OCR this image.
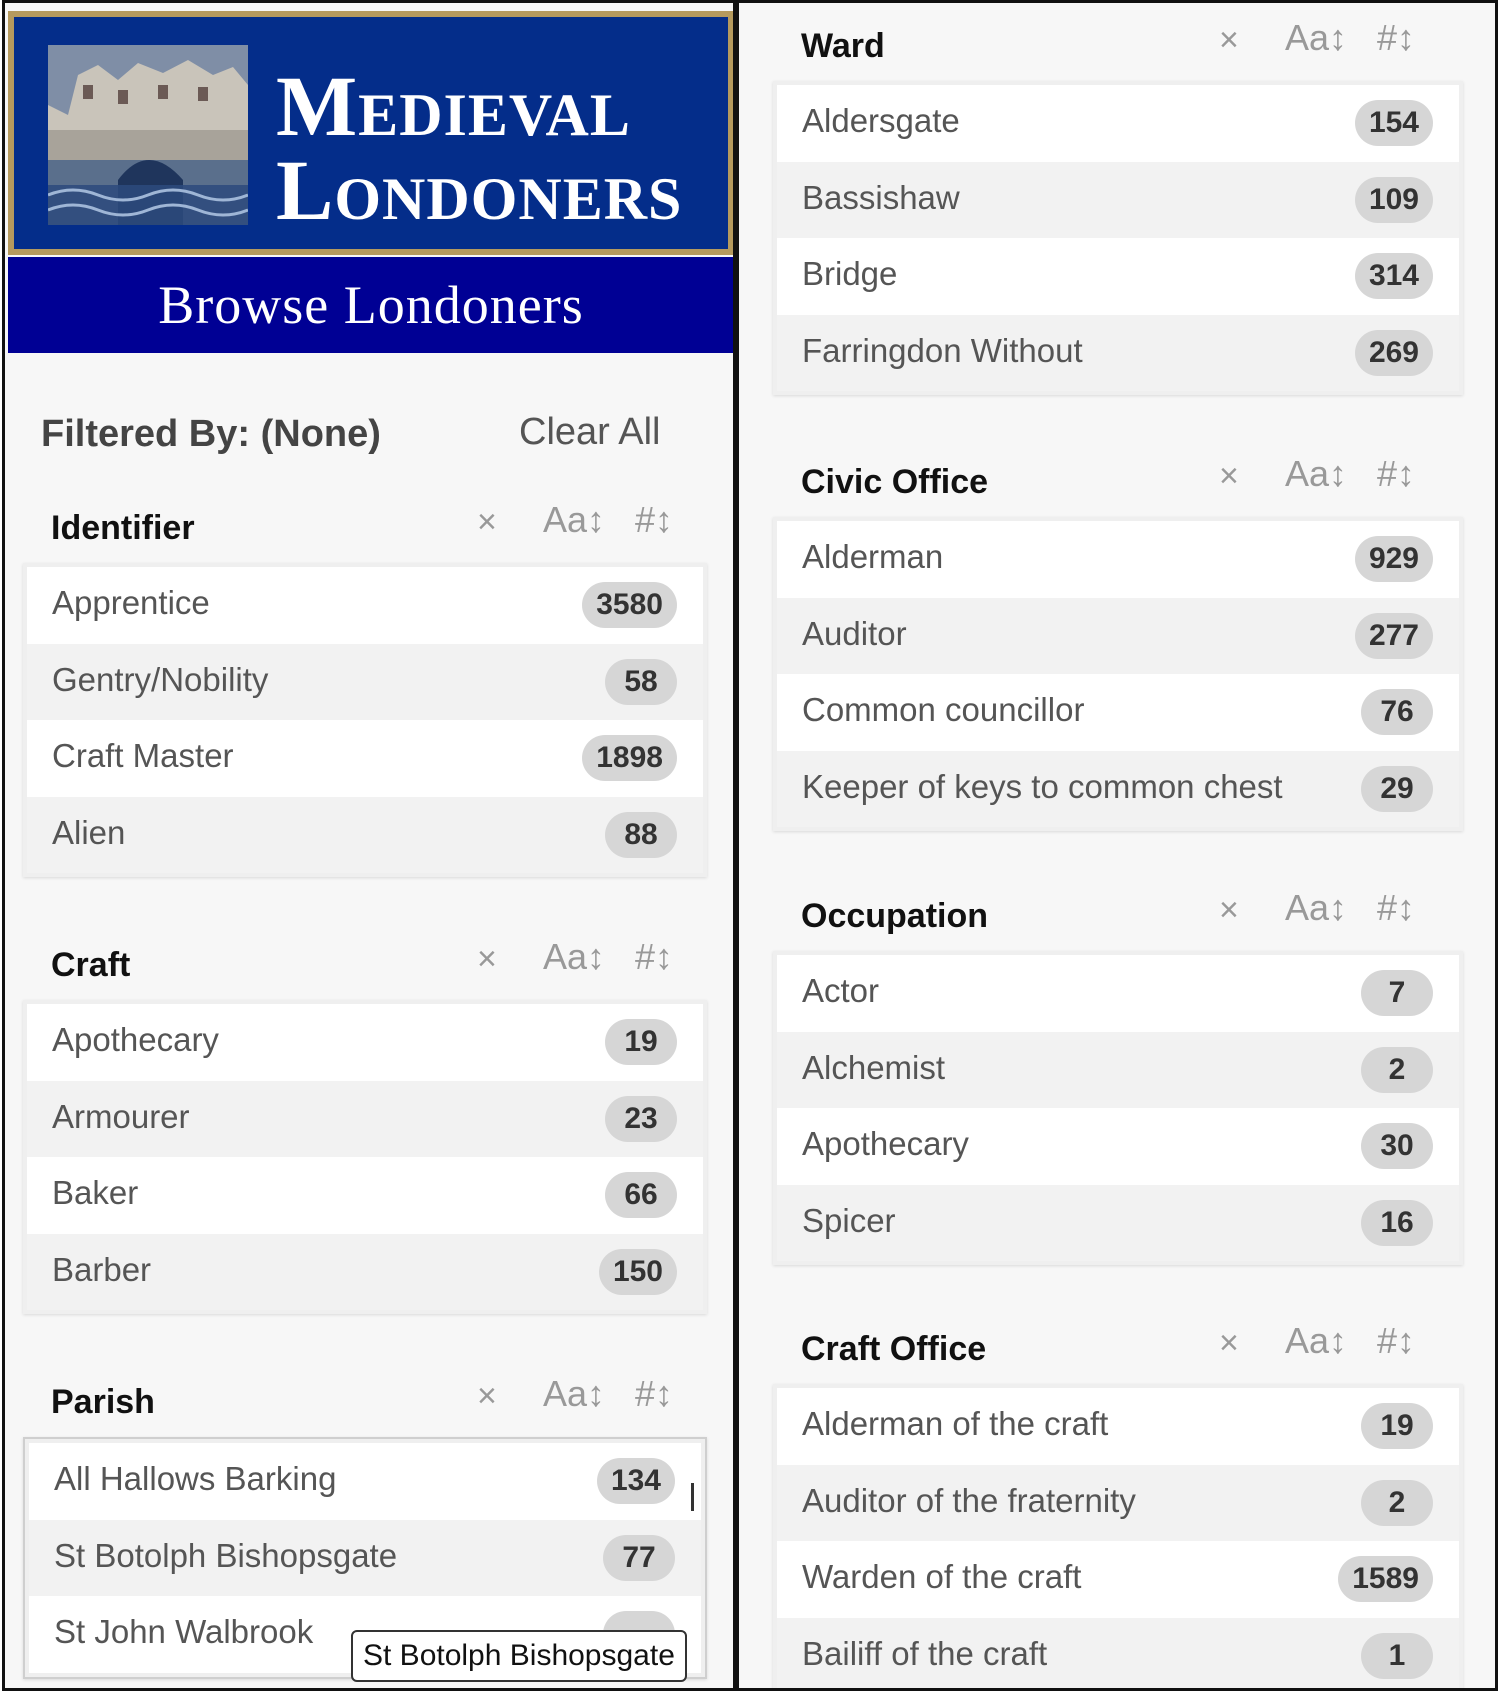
Medieval
Londoners
Browse Londoners
Filtered By: (None)	Clear All
Identifier	× Aa↕ #↕
Apprentice	3580
Gentry/Nobility	58
Craft Master	1898
Alien	88
Craft	× Aa↕ #↕
Apothecary	19
Armourer	23
Baker	66
Barber	150
Parish	× Aa↕ #↕
All Hallows Barking	134
St Botolph Bishopsgate	77
St John Walbrook
St Botolph Bishopsgate
Ward	× Aa↕ #↕
Aldersgate	154
Bassishaw	109
Bridge	314
Farringdon Without	269
Civic Office	× Aa↕ #↕
Alderman	929
Auditor	277
Common councillor	76
Keeper of keys to common chest	29
Occupation	× Aa↕ #↕
Actor	7
Alchemist	2
Apothecary	30
Spicer	16
Craft Office	× Aa↕ #↕
Alderman of the craft	19
Auditor of the fraternity	2
Warden of the craft	1589
Bailiff of the craft	1
